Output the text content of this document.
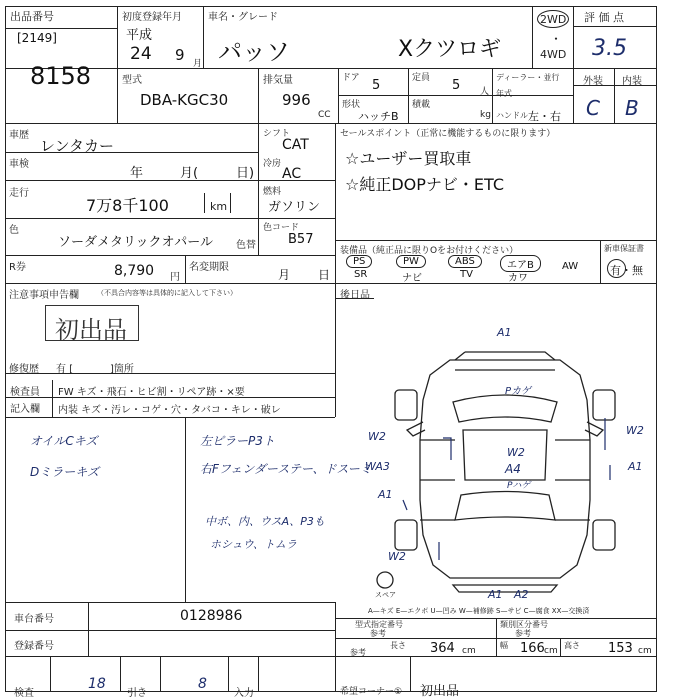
出品番号
[2149]
8158
初度登録年月
平成
24 9 月
車名・グレード
パッソ	Xクツロギ
2WD
・
4WD
評 価 点
3.5
外装 内装
C B
型式
DBA-KGC30
排気量
996
CC
ドア 5	定員 5 人
ディーラー・並行
年式
形状
ハッチB
積載
kg ハンドル 左・右
車歴
レンタカー
車検
年	月(	日)
走行
7万8千100	km
色
ソーダメタリックオパール 色替
シフト
CAT
冷房
AC
燃料
ガソリン
色コード
B57
R券	8,790 円
名変期限
月 日
セールスポイント（正常に機能するものに限ります）
☆ユーザー買取車
☆純正DOPナビ・ETC
装備品（純正品に限りOをお付けください）
PS
SR
PW
ナビ
ABS
TV
エアB
カワ
AW
新車保証書
有・無
注意事項申告欄	（不具合内容等は具体的に記入して下さい）
初出品
修復歴 有 [	]箇所
後日品
検査員
記入欄
FW キズ・飛石・ヒビ割・リペア跡・×要
内装 キズ・汚レ・コゲ・穴・タバコ・キレ・破レ
オイルCキズ
Dミラーキズ
左ピラーP3ト
右Fフェンダーステー、ドスーミ
中ボ、内、ウスA、P3も
ホシュウ、トムラ
A1
Pカゲ
W2	W2
A1
WA3
W2
A4
Pハゲ
A1
W2
A1 A2
スペア
A—キズ E—エクボ U—凹み W—補修跡 S—サビ C—腐食 XX—交換済
車台番号	0128986
登録番号
型式指定番号
参考
類別区分番号
参考
長さ
参考	364 cm
幅 166 cm
高さ 153 cm
検査
18
引き
8
入力	希望コーナー① 初出品
